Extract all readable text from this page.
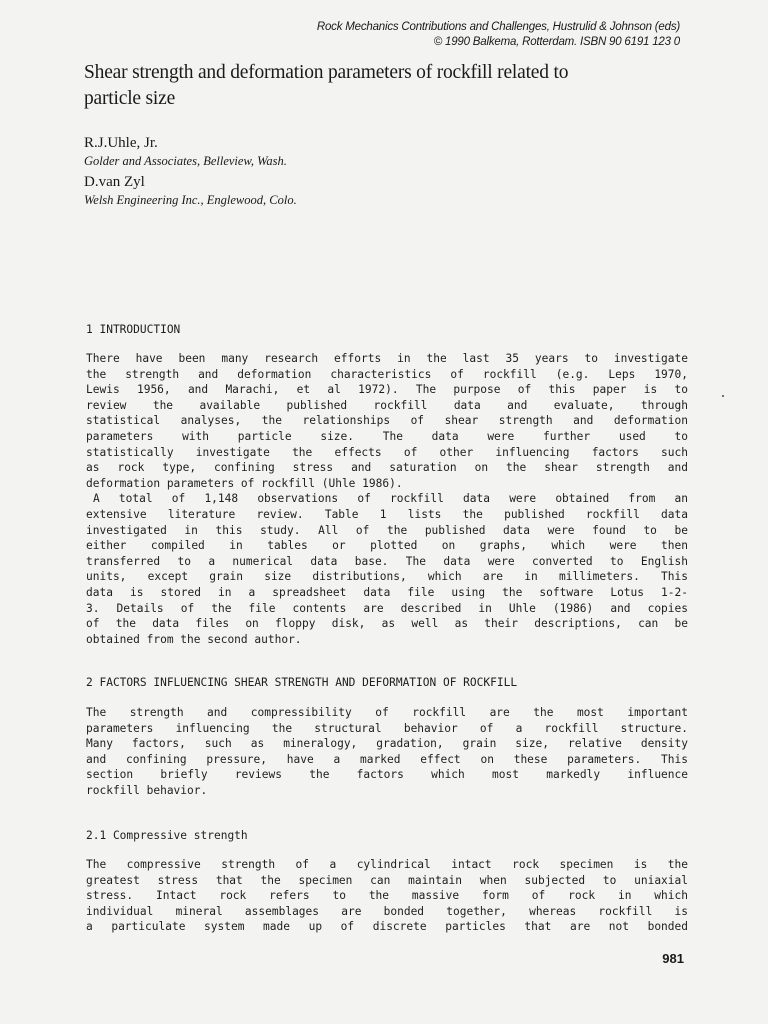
Rock Mechanics Contributions and Challenges, Hustrulid & Johnson (eds)
© 1990 Balkema, Rotterdam. ISBN 90 6191 123 0
Shear strength and deformation parameters of rockfill related to
particle size
R.J.Uhle, Jr.
Golder and Associates, Belleview, Wash.
D.van Zyl
Welsh Engineering Inc., Englewood, Colo.
1 INTRODUCTION
There have been many research efforts in the last 35 years to investigate
the strength and deformation characteristics of rockfill (e.g. Leps 1970,
Lewis 1956, and Marachi, et al 1972). The purpose of this paper is to
review the available published rockfill data and evaluate, through
statistical analyses, the relationships of shear strength and deformation
parameters with particle size. The data were further used to
statistically investigate the effects of other influencing factors such
as rock type, confining stress and saturation on the shear strength and
deformation parameters of rockfill (Uhle 1986).
A total of 1,148 observations of rockfill data were obtained from an
extensive literature review. Table 1 lists the published rockfill data
investigated in this study. All of the published data were found to be
either compiled in tables or plotted on graphs, which were then
transferred to a numerical data base. The data were converted to English
units, except grain size distributions, which are in millimeters. This
data is stored in a spreadsheet data file using the software Lotus 1-2-
3. Details of the file contents are described in Uhle (1986) and copies
of the data files on floppy disk, as well as their descriptions, can be
obtained from the second author.
2 FACTORS INFLUENCING SHEAR STRENGTH AND DEFORMATION OF ROCKFILL
The strength and compressibility of rockfill are the most important
parameters influencing the structural behavior of a rockfill structure.
Many factors, such as mineralogy, gradation, grain size, relative density
and confining pressure, have a marked effect on these parameters. This
section briefly reviews the factors which most markedly influence
rockfill behavior.
2.1 Compressive strength
The compressive strength of a cylindrical intact rock specimen is the
greatest stress that the specimen can maintain when subjected to uniaxial
stress. Intact rock refers to the massive form of rock in which
individual mineral assemblages are bonded together, whereas rockfill is
a particulate system made up of discrete particles that are not bonded
981
